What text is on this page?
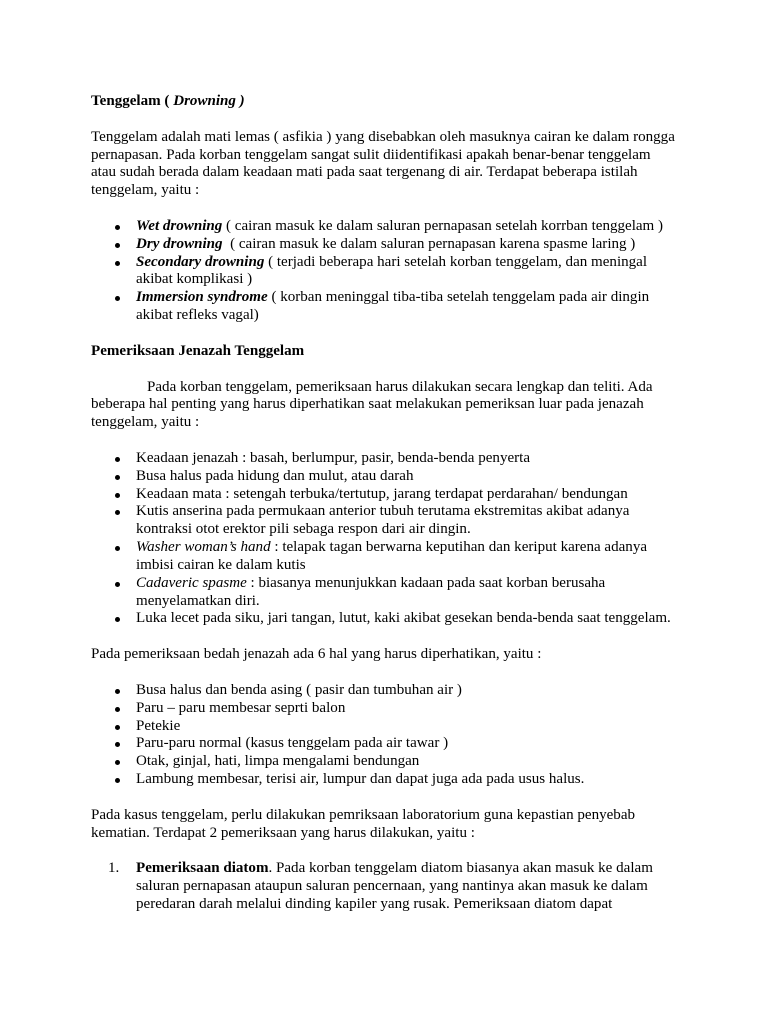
Tenggelam ( Drowning )
Tenggelam adalah mati lemas ( asfikia ) yang disebabkan oleh masuknya cairan ke dalam rongga
pernapasan. Pada korban tenggelam sangat sulit diidentifikasi apakah benar-benar tenggelam
atau sudah berada dalam keadaan mati pada saat tergenang di air. Terdapat beberapa istilah
tenggelam, yaitu :
Wet drowning ( cairan masuk ke dalam saluran pernapasan setelah korrban tenggelam )
Dry drowning  ( cairan masuk ke dalam saluran pernapasan karena spasme laring )
Secondary drowning ( terjadi beberapa hari setelah korban tenggelam, dan meningal
akibat komplikasi )
Immersion syndrome ( korban meninggal tiba-tiba setelah tenggelam pada air dingin
akibat refleks vagal)
Pemeriksaan Jenazah Tenggelam
Pada korban tenggelam, pemeriksaan harus dilakukan secara lengkap dan teliti. Ada
beberapa hal penting yang harus diperhatikan saat melakukan pemeriksan luar pada jenazah
tenggelam, yaitu :
Keadaan jenazah : basah, berlumpur, pasir, benda-benda penyerta
Busa halus pada hidung dan mulut, atau darah
Keadaan mata : setengah terbuka/tertutup, jarang terdapat perdarahan/ bendungan
Kutis anserina pada permukaan anterior tubuh terutama ekstremitas akibat adanya
kontraksi otot erektor pili sebaga respon dari air dingin.
Washer woman’s hand : telapak tagan berwarna keputihan dan keriput karena adanya
imbisi cairan ke dalam kutis
Cadaveric spasme : biasanya menunjukkan kadaan pada saat korban berusaha
menyelamatkan diri.
Luka lecet pada siku, jari tangan, lutut, kaki akibat gesekan benda-benda saat tenggelam.
Pada pemeriksaan bedah jenazah ada 6 hal yang harus diperhatikan, yaitu :
Busa halus dan benda asing ( pasir dan tumbuhan air )
Paru – paru membesar seprti balon
Petekie
Paru-paru normal (kasus tenggelam pada air tawar )
Otak, ginjal, hati, limpa mengalami bendungan
Lambung membesar, terisi air, lumpur dan dapat juga ada pada usus halus.
Pada kasus tenggelam, perlu dilakukan pemriksaan laboratorium guna kepastian penyebab
kematian. Terdapat 2 pemeriksaan yang harus dilakukan, yaitu :
1. Pemeriksaan diatom. Pada korban tenggelam diatom biasanya akan masuk ke dalam
saluran pernapasan ataupun saluran pencernaan, yang nantinya akan masuk ke dalam
peredaran darah melalui dinding kapiler yang rusak. Pemeriksaan diatom dapat
